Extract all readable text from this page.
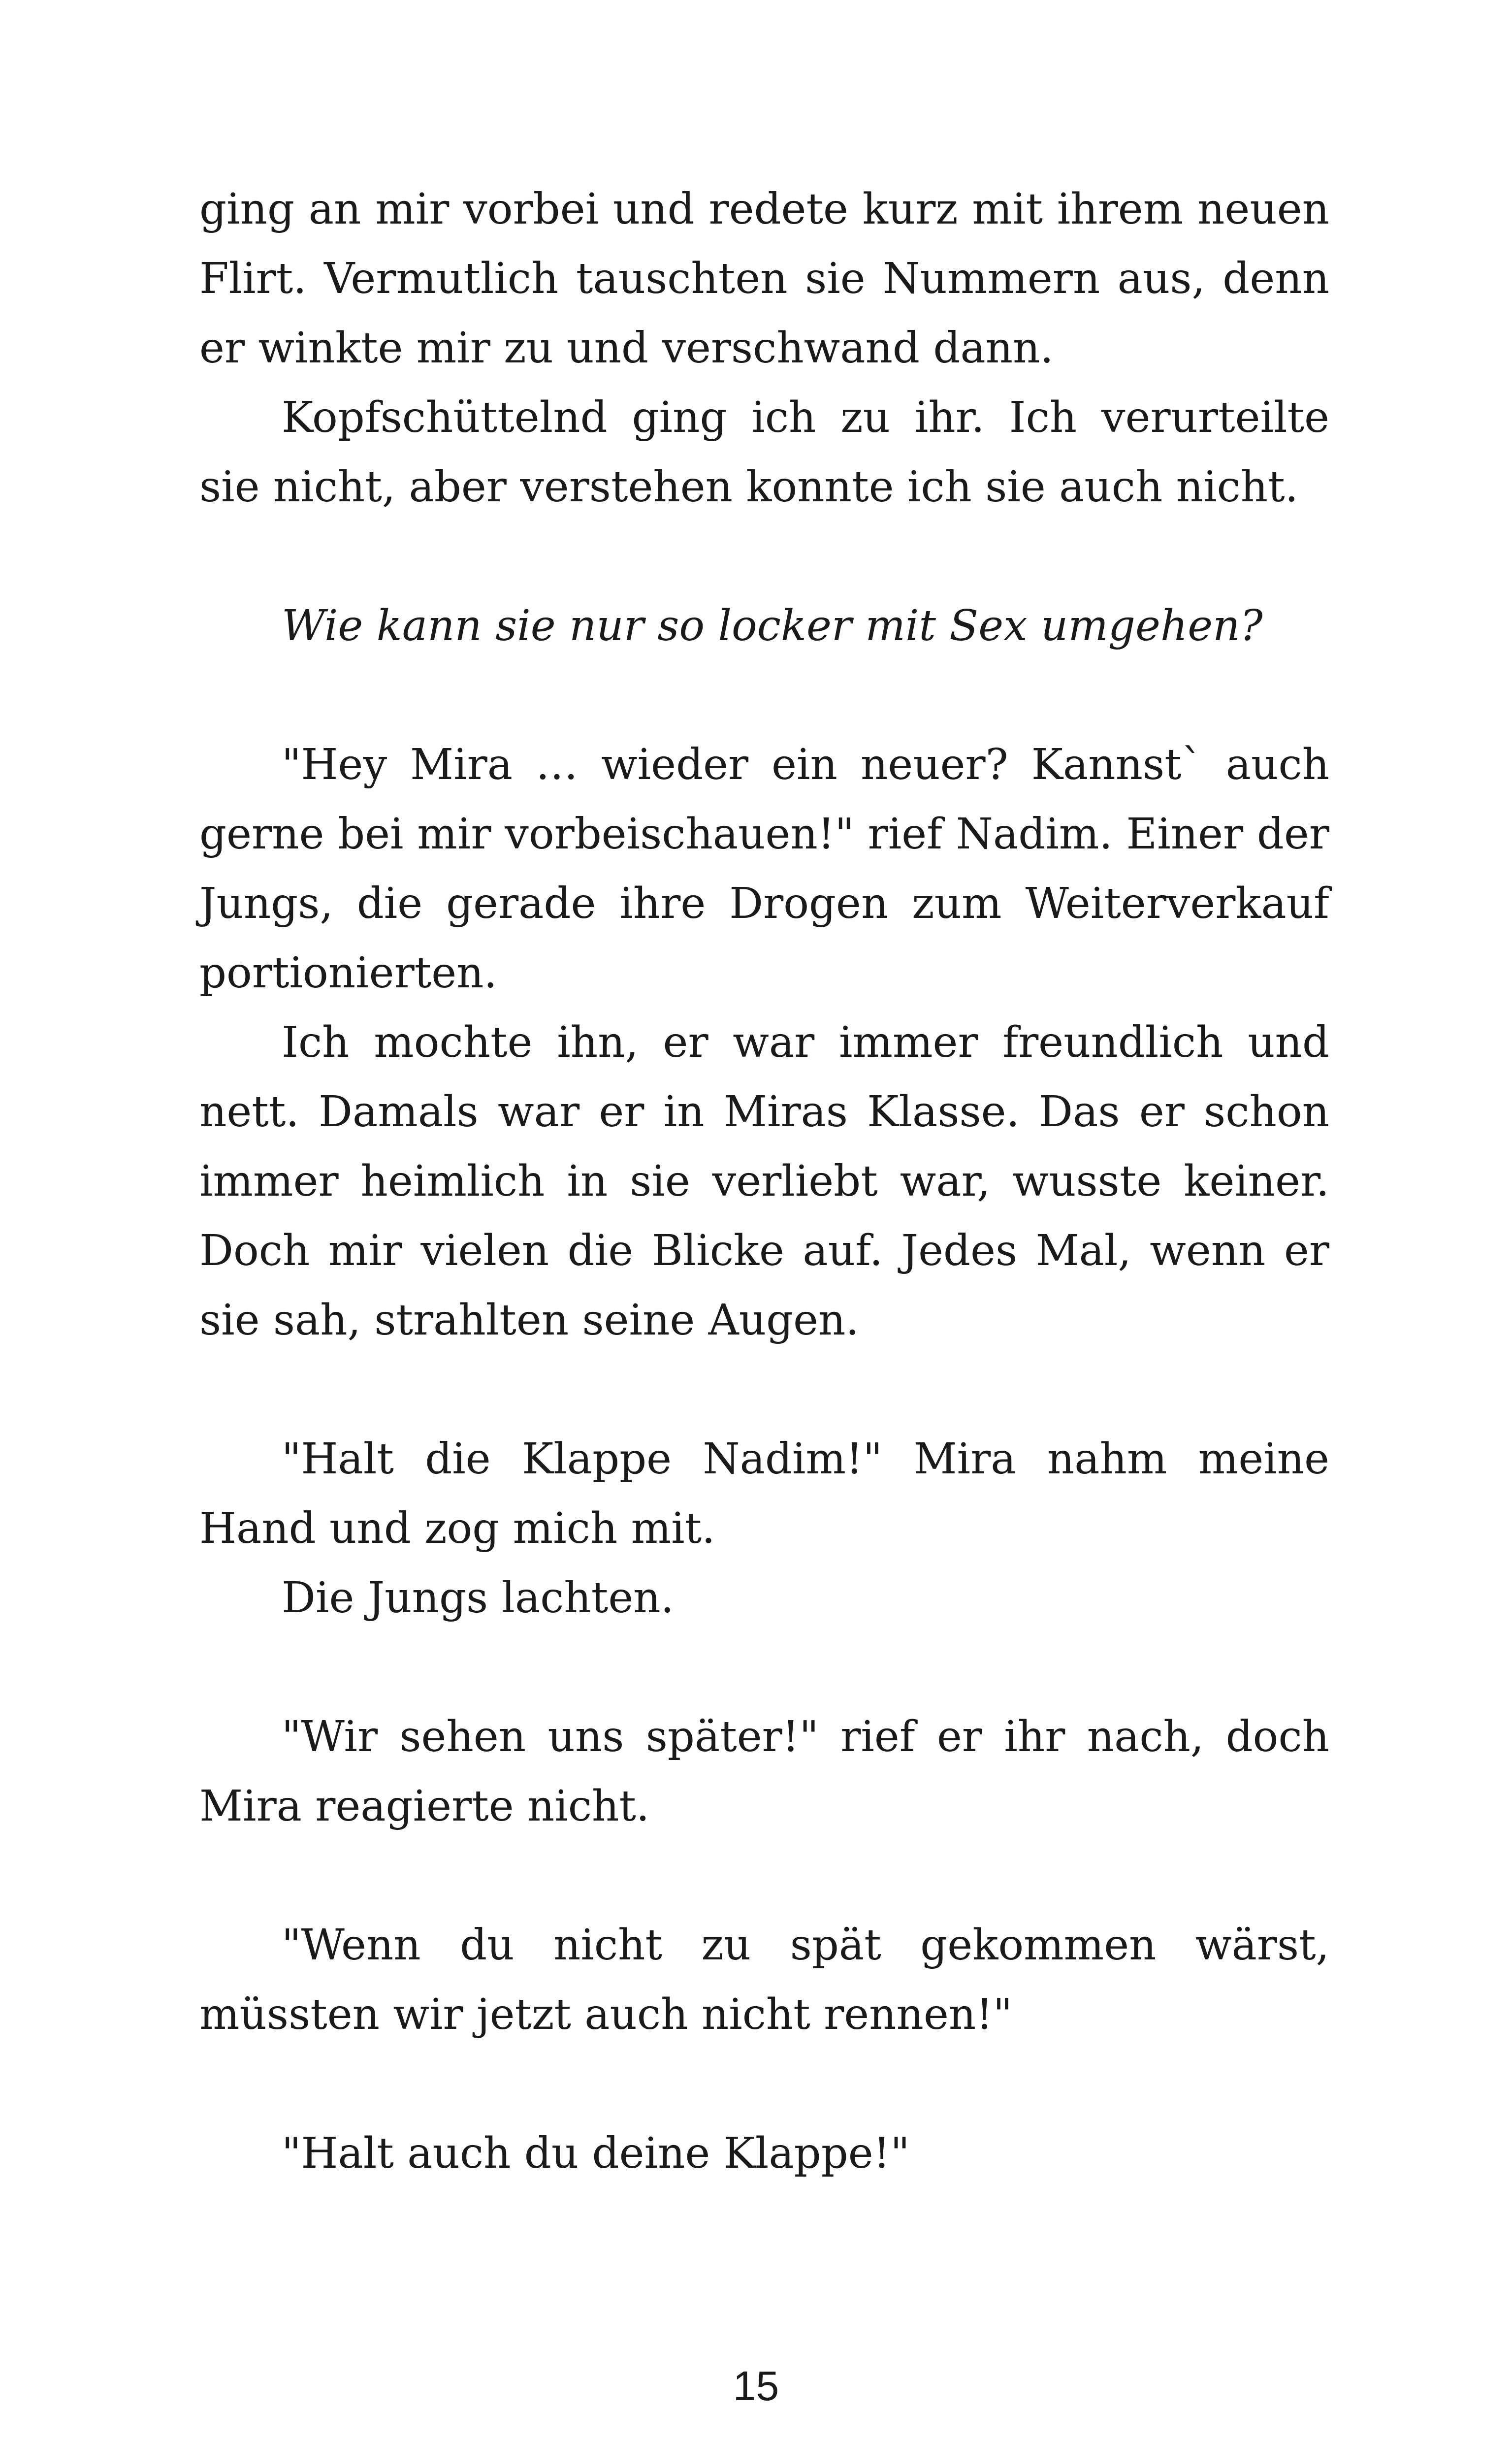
ging an mir vorbei und redete kurz mit ihrem neuen Flirt. Vermutlich tauschten sie Nummern aus, denn er winkte mir zu und verschwand dann.

Kopfschüttelnd ging ich zu ihr. Ich verurteilte sie nicht, aber verstehen konnte ich sie auch nicht.

Wie kann sie nur so locker mit Sex umgehen?

"Hey Mira … wieder ein neuer? Kannst` auch gerne bei mir vorbeischauen!" rief Nadim. Einer der Jungs, die gerade ihre Drogen zum Weiterverkauf portionierten.

Ich mochte ihn, er war immer freundlich und nett. Damals war er in Miras Klasse. Das er schon immer heimlich in sie verliebt war, wusste keiner. Doch mir vielen die Blicke auf. Jedes Mal, wenn er sie sah, strahlten seine Augen.

"Halt die Klappe Nadim!" Mira nahm meine Hand und zog mich mit.

Die Jungs lachten.

"Wir sehen uns später!" rief er ihr nach, doch Mira reagierte nicht.

"Wenn du nicht zu spät gekommen wärst, müssten wir jetzt auch nicht rennen!"

"Halt auch du deine Klappe!"

15
